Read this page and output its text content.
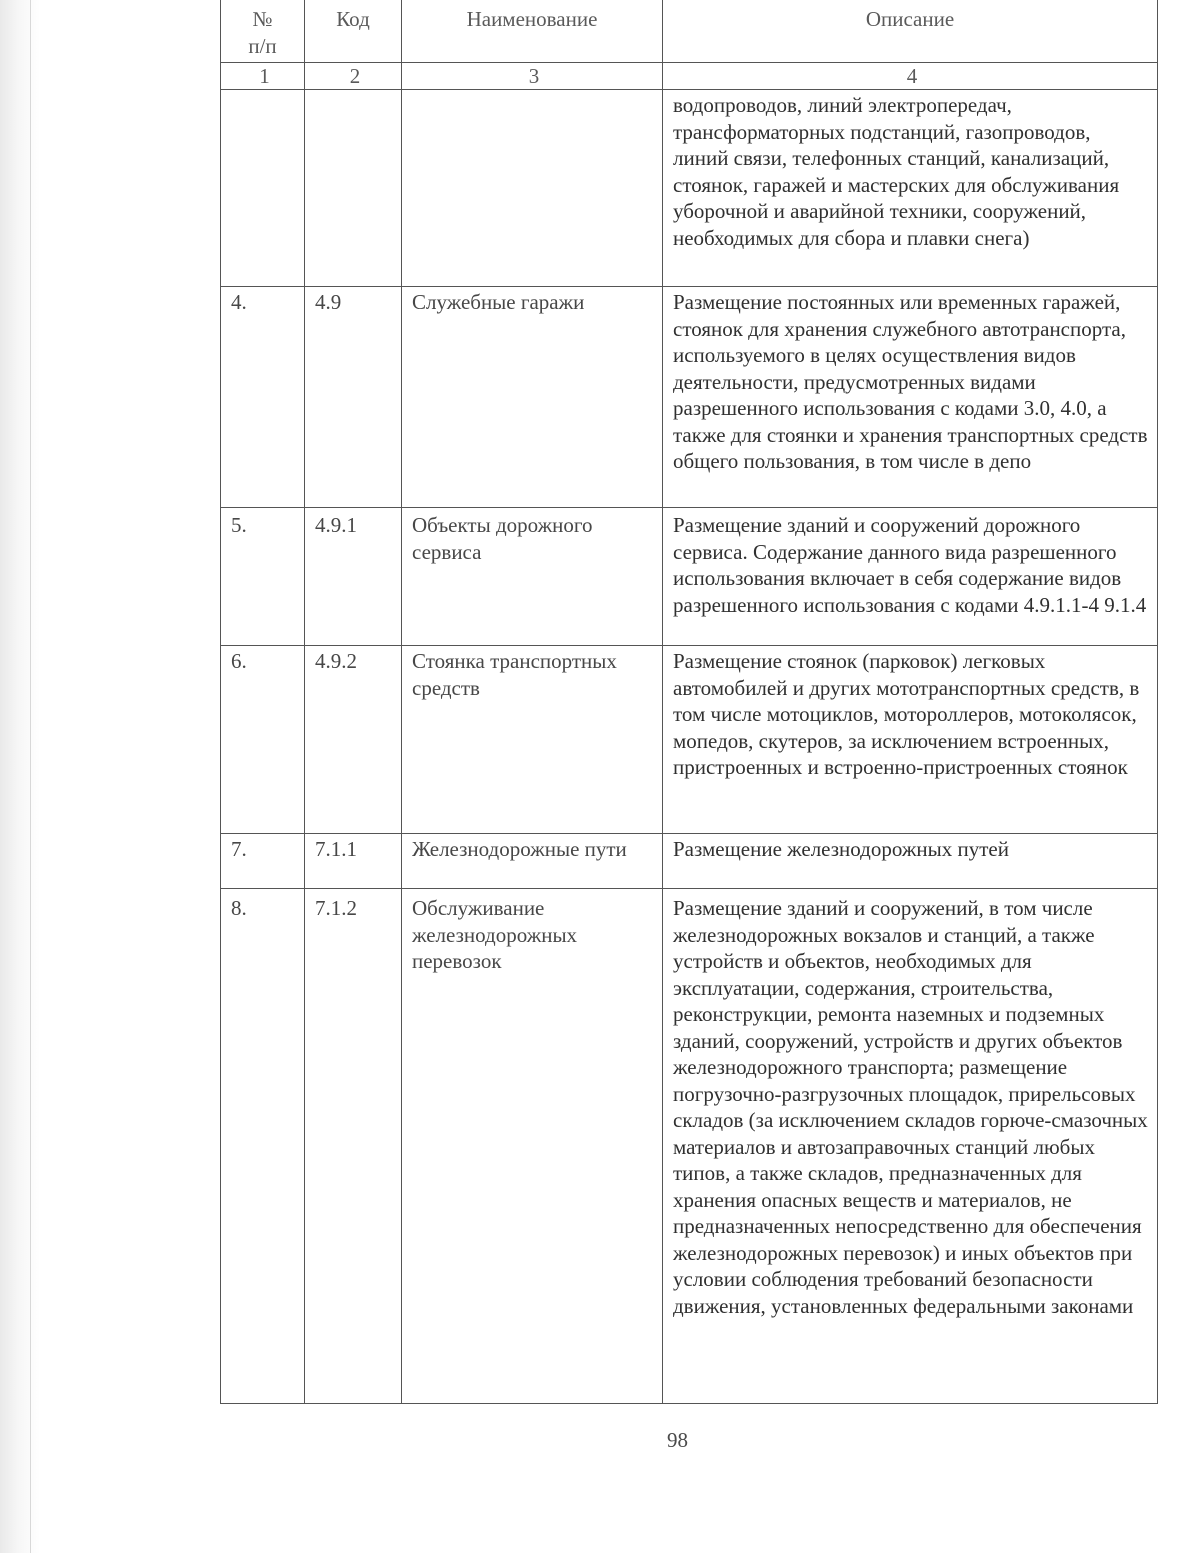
№
п/п	Код	Наименование	Описание
1	2	3	4
			водопроводов, линий электропередач, трансформаторных подстанций, газопроводов, линий связи, телефонных станций, канализаций, стоянок, гаражей и мастерских для обслуживания уборочной и аварийной техники, сооружений, необходимых для сбора и плавки снега)
4.	4.9	Служебные гаражи	Размещение постоянных или временных гаражей, стоянок для хранения служебного автотранспорта, используемого в целях осуществления видов деятельности, предусмотренных видами разрешенного использования с кодами 3.0, 4.0, а также для стоянки и хранения транспортных средств общего пользования, в том числе в депо
5.	4.9.1	Объекты дорожного сервиса	Размещение зданий и сооружений дорожного сервиса. Содержание данного вида разрешенного использования включает в себя содержание видов разрешенного использования с кодами 4.9.1.1-4 9.1.4
6.	4.9.2	Стоянка транспортных средств	Размещение стоянок (парковок) легковых автомобилей и других мототранспортных средств, в том числе мотоциклов, мотороллеров, мотоколясок, мопедов, скутеров, за исключением встроенных, пристроенных и встроенно-пристроенных стоянок
7.	7.1.1	Железнодорожные пути	Размещение железнодорожных путей
8.	7.1.2	Обслуживание железнодорожных перевозок	Размещение зданий и сооружений, в том числе железнодорожных вокзалов и станций, а также устройств и объектов, необходимых для эксплуатации, содержания, строительства, реконструкции, ремонта наземных и подземных зданий, сооружений, устройств и других объектов железнодорожного транспорта; размещение погрузочно-разгрузочных площадок, прирельсовых складов (за исключением складов горюче-смазочных материалов и автозаправочных станций любых типов, а также складов, предназначенных для хранения опасных веществ и материалов, не предназначенных непосредственно для обеспечения железнодорожных перевозок) и иных объектов при условии соблюдения требований безопасности движения, установленных федеральными законами
98
